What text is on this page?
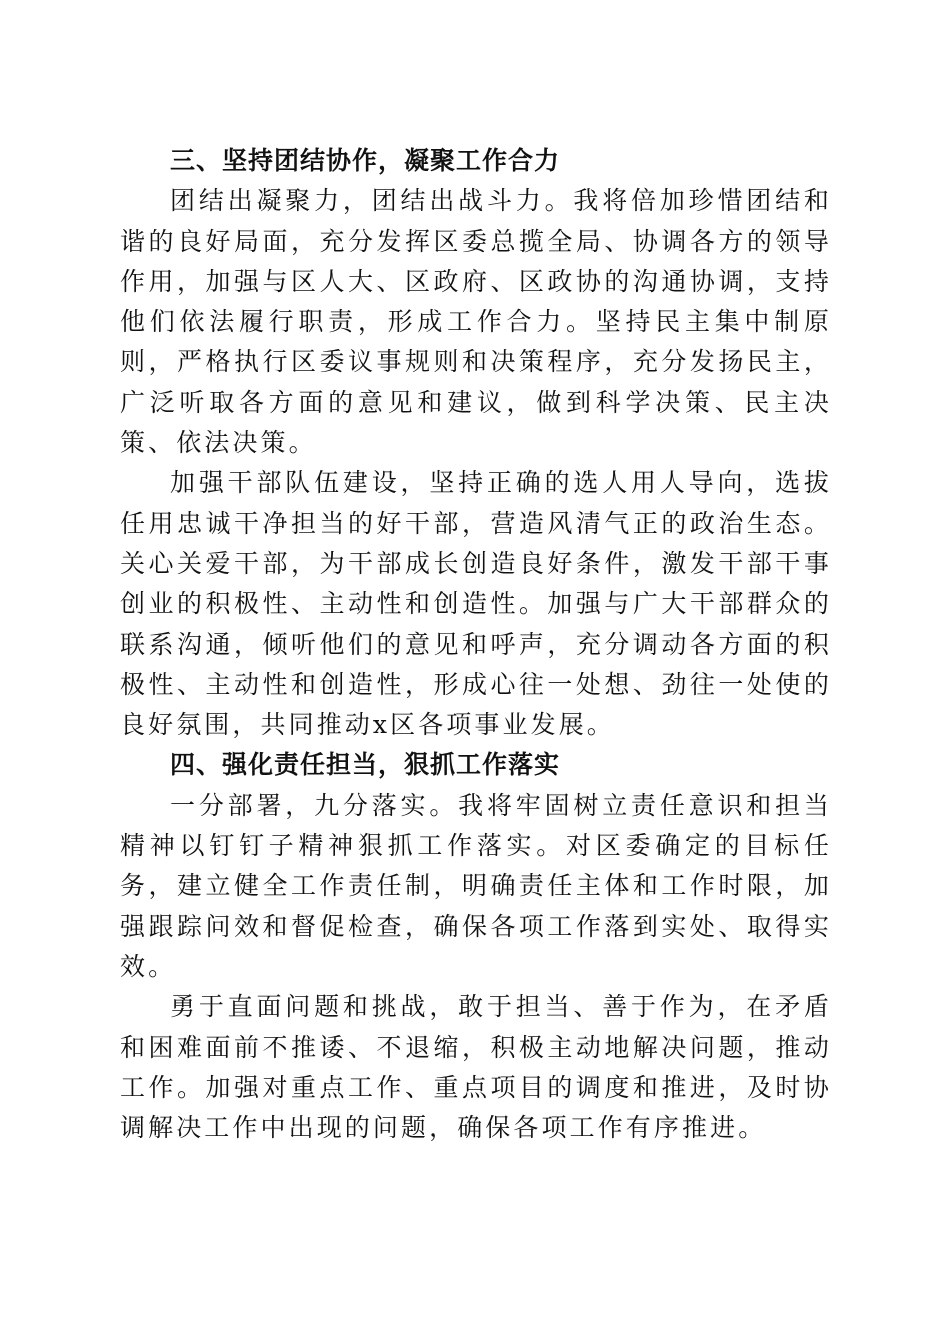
三、坚持团结协作，凝聚工作合力

团结出凝聚力，团结出战斗力。我将倍加珍惜团结和谐的良好局面，充分发挥区委总揽全局、协调各方的领导作用，加强与区人大、区政府、区政协的沟通协调，支持他们依法履行职责，形成工作合力。坚持民主集中制原则，严格执行区委议事规则和决策程序，充分发扬民主，广泛听取各方面的意见和建议，做到科学决策、民主决策、依法决策。

加强干部队伍建设，坚持正确的选人用人导向，选拔任用忠诚干净担当的好干部，营造风清气正的政治生态。关心关爱干部，为干部成长创造良好条件，激发干部干事创业的积极性、主动性和创造性。加强与广大干部群众的联系沟通，倾听他们的意见和呼声，充分调动各方面的积极性、主动性和创造性，形成心往一处想、劲往一处使的良好氛围，共同推动x区各项事业发展。

四、强化责任担当，狠抓工作落实

一分部署，九分落实。我将牢固树立责任意识和担当精神以钉钉子精神狠抓工作落实。对区委确定的目标任务，建立健全工作责任制，明确责任主体和工作时限，加强跟踪问效和督促检查，确保各项工作落到实处、取得实效。

勇于直面问题和挑战，敢于担当、善于作为，在矛盾和困难面前不推诿、不退缩，积极主动地解决问题，推动工作。加强对重点工作、重点项目的调度和推进，及时协调解决工作中出现的问题，确保各项工作有序推进。
